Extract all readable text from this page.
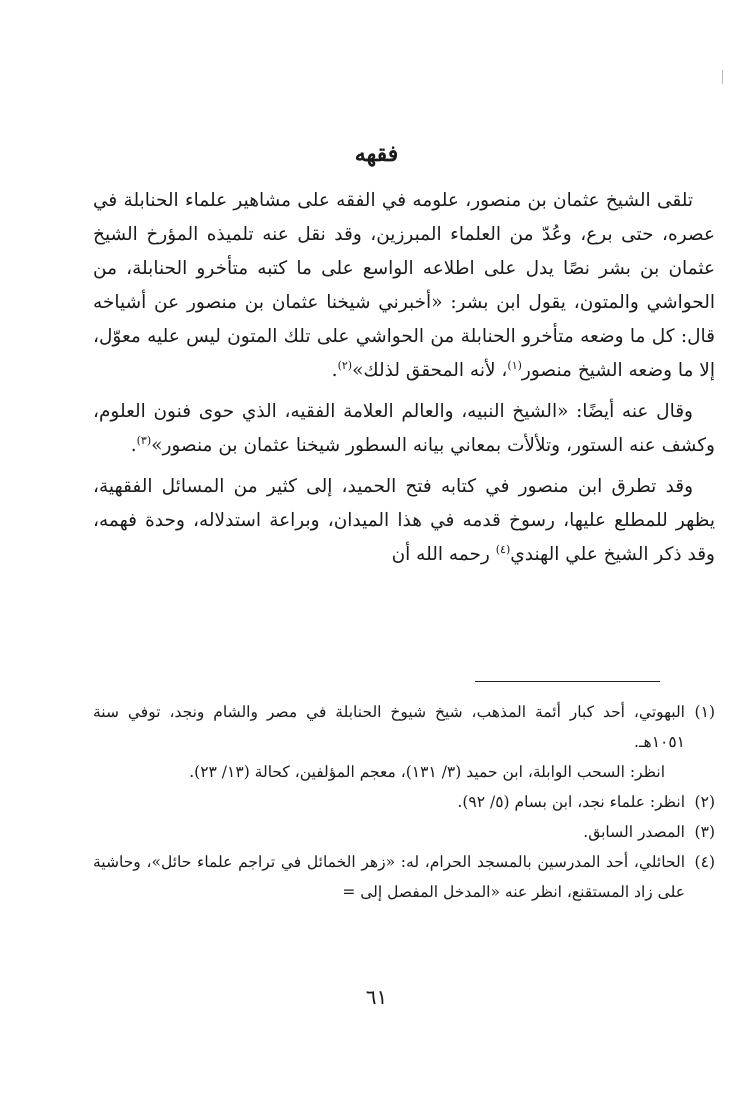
فقهه

تلقى الشيخ عثمان بن منصور، علومه في الفقه على مشاهير علماء الحنابلة في عصره، حتى برع، وعُدّ من العلماء المبرزين، وقد نقل عنه تلميذه المؤرخ الشيخ عثمان بن بشر نصًا يدل على اطلاعه الواسع على ما كتبه متأخرو الحنابلة، من الحواشي والمتون، يقول ابن بشر: «أخبرني شيخنا عثمان بن منصور عن أشياخه قال: كل ما وضعه متأخرو الحنابلة من الحواشي على تلك المتون ليس عليه معوّل، إلا ما وضعه الشيخ منصور$^{(١)}$، لأنه المحقق لذلك»$^{(٢)}$.

وقال عنه أيضًا: «الشيخ النبيه، والعالم العلامة الفقيه، الذي حوى فنون العلوم، وكشف عنه الستور، وتلألأت بمعاني بيانه السطور شيخنا عثمان بن منصور»$^{(٣)}$.

وقد تطرق ابن منصور في كتابه فتح الحميد، إلى كثير من المسائل الفقهية، يظهر للمطلع عليها، رسوخ قدمه في هذا الميدان، وبراعة استدلاله، وحدة فهمه، وقد ذكر الشيخ علي الهندي$^{(٤)}$ رحمه الله أن

(١)
البهوتي، أحد كبار أئمة المذهب، شيخ شيوخ الحنابلة في مصر والشام ونجد، توفي سنة ١٠٥١هـ.
انظر: السحب الوابلة، ابن حميد (٣/ ١٣١)، معجم المؤلفين، كحالة (١٣/ ٢٣).
(٢)
انظر: علماء نجد، ابن بسام (٥/ ٩٢).
(٣)
المصدر السابق.
(٤)
الحائلي، أحد المدرسين بالمسجد الحرام، له: «زهر الخمائل في تراجم علماء حائل»، وحاشية على زاد المستقنع، انظر عنه «المدخل المفصل إلى =
٦١
